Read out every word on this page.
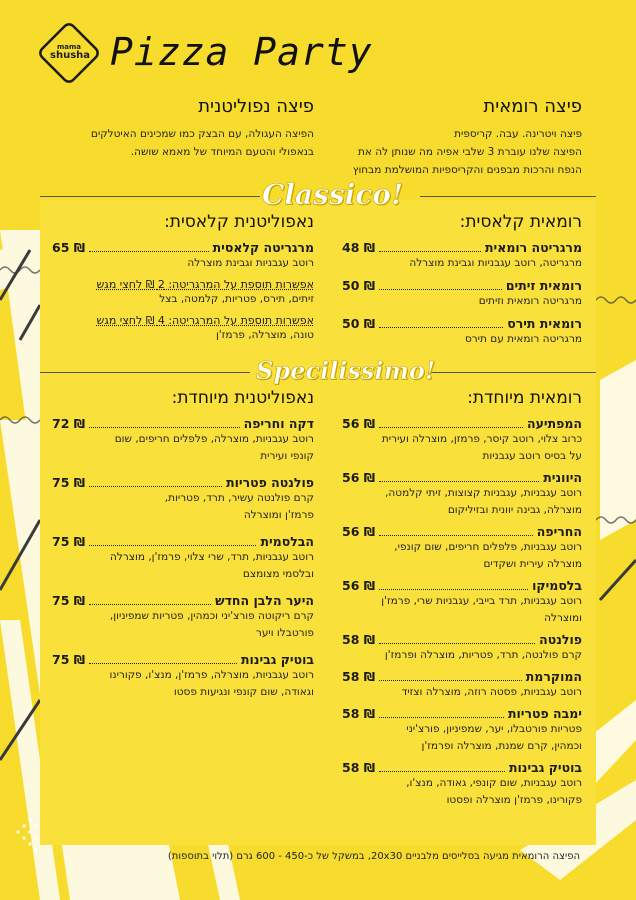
mama
shusha Pizza Party
פיצה רומאית
פיצה ויטרינה. עבה. קריספית
הפיצה שלנו עוברת 3 שלבי אפיה מה שנותן לה את
הנפח והרכות מבפנים והקריספיות המושלמת מבחוץ
פיצה נפוליטנית
הפיצה העגולה, עם הבצק כמו שמכינים האיטלקים
בנאפולי והטעם המיוחד של מאמא שושה.
Classico!
רומאית קלאסית:
מרגריטה רומאית
48 ₪
מרגריטה, רוטב עגבניות וגבינת מוצרלה
רומאית זיתים
50 ₪
מרגריטה רומאית וזיתים
רומאית תירס
50 ₪
מרגריטה רומאית עם תירס
נאפוליטנית קלאסית:
מרגריטה קלאסית
65 ₪
רוטב עגבניות וגבינת מוצרלה
אפשרות תוספת על המרגריטה: 2 ₪ לחצי מגש
זיתים, תירס, פטריות, קלמטה, בצל
אפשרות תוספת על המרגריטה: 4 ₪ לחצי מגש
טונה, מוצרלה, פרמז'ן
Specilissimo!
רומאית מיוחדת:
המפתיעה
56 ₪
כרוב צלוי, רוטב קיסר, פרמזן, מוצרלה ועירית
על בסיס רוטב עגבניות
היוונית
56 ₪
רוטב עגבניות, עגבניות קצוצות, זיתי קלמטה,
מוצרלה, גבינה יוונית ובזיליקום
החריפה
56 ₪
רוטב עגבניות, פלפלים חריפים, שום קונפי,
מוצרלה עירית ושקדים
בלסמיקו
56 ₪
רוטב עגבניות, תרד בייבי, עגבניות שרי, פרמז'ן
ומוצרלה
פולנטה
58 ₪
קרם פולנטה, תרד, פטריות, מוצרלה ופרמז'ן
המוקרמת
58 ₪
רוטב עגבניות, פסטה רוזה, מוצרלה וצזיד
ימבה פטריות
58 ₪
פטריות פורטבלו, יער, שמפיניון, פורצ'יני
וכמהין, קרם שמנת, מוצרלה ופרמז'ן
בוטיק גבינות
58 ₪
רוטב עגבניות, שום קונפי, גאודה, מנצ'ו,
פקורינו, פרמז'ן מוצרלה ופסטו
נאפוליטנית מיוחדת:
דקה וחריפה
72 ₪
רוטב עגבניות, מוצרלה, פלפלים חריפים, שום
קונפי ועירית
פולנטה פטריות
75 ₪
קרם פולנטה עשיר, תרד, פטריות,
פרמז'ן ומוצרלה
הבלסמית
75 ₪
רוטב עגבניות, תרד, שרי צלוי, פרמז'ן, מוצרלה
ובלסמי מצומצם
היער הלבן החדש
75 ₪
קרם ריקוטה פורצ'יני וכמהין, פטריות שמפיניון,
פורטבלו ויער
בוטיק גבינות
75 ₪
רוטב עגבניות, מוצרלה, פרמז'ן, מנצ'ו, פקורינו
וגאודה, שום קונפי ונגיעות פסטו
הפיצה הרומאית מגיעה בסלייסים מלבניים 20x30, במשקל של כ-450 - 600 גרם (תלוי בתוספות)
